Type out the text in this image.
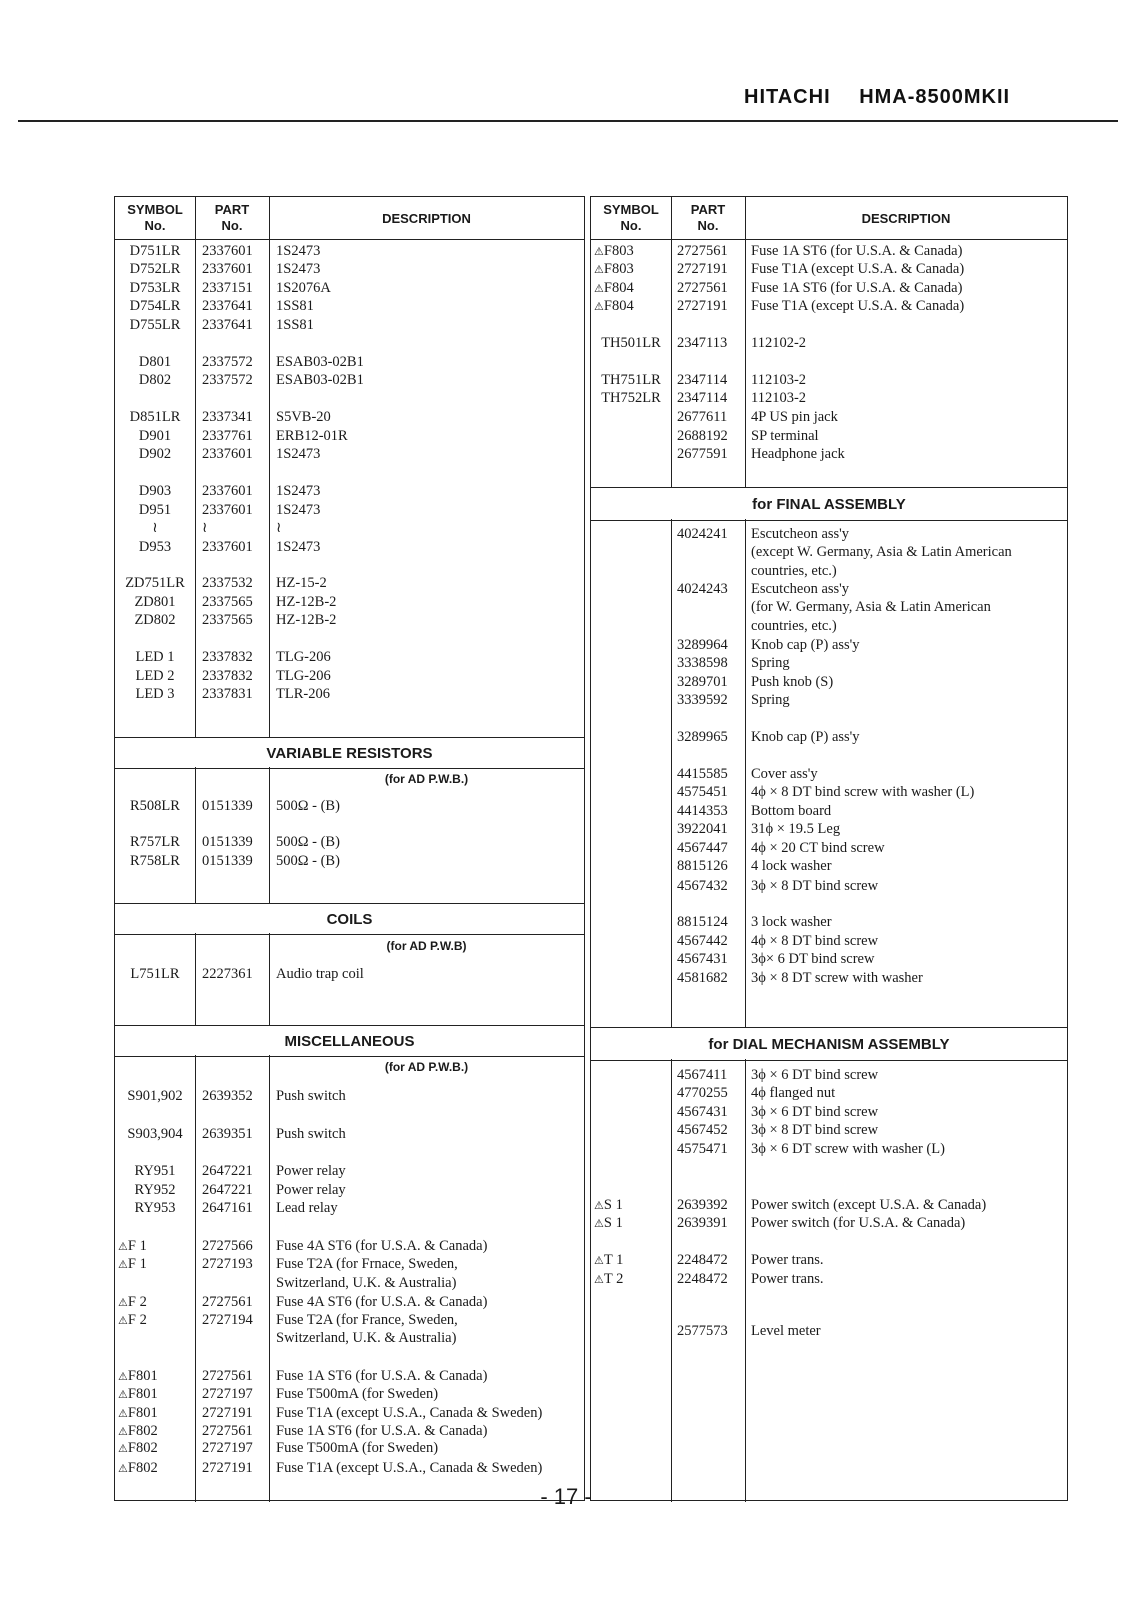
HITACHI HMA-8500MKII
SYMBOL
No.
PART
No.	DESCRIPTION
D751LR	2337601 1S2473
D752LR	2337601 1S2473
D753LR	2337151 1S2076A
D754LR	2337641 1SS81
D755LR	2337641 1SS81
D801	2337572 ESAB03-02B1
D802	2337572 ESAB03-02B1
D851LR	2337341 S5VB-20
D901	2337761 ERB12-01R
D902	2337601 1S2473
D903	2337601 1S2473
D951	2337601 1S2473
≀	≀	≀
D953	2337601 1S2473
ZD751LR	2337532 HZ-15-2
ZD801	2337565 HZ-12B-2
ZD802	2337565 HZ-12B-2
LED 1	2337832 TLG-206
LED 2	2337832 TLG-206
LED 3	2337831 TLR-206
VARIABLE RESISTORS
(for AD P.W.B.)
R508LR	0151339 500Ω - (B)
R757LR	0151339 500Ω - (B)
R758LR	0151339 500Ω - (B)
COILS
(for AD P.W.B)
L751LR	2227361 Audio trap coil
MISCELLANEOUS
(for AD P.W.B.)
S901,902	2639352 Push switch
S903,904	2639351 Push switch
RY951	2647221 Power relay
RY952	2647221 Power relay
RY953	2647161 Lead relay
⚠F 1	2727566 Fuse 4A ST6 (for U.S.A. & Canada)
⚠F 1	2727193 Fuse T2A (for Frnace, Sweden,
Switzerland, U.K. & Australia)
⚠F 2	2727561 Fuse 4A ST6 (for U.S.A. & Canada)
⚠F 2	2727194 Fuse T2A (for France, Sweden,
Switzerland, U.K. & Australia)
⚠F801	2727561 Fuse 1A ST6 (for U.S.A. & Canada)
⚠F801	2727197 Fuse T500mA (for Sweden)
⚠F801	2727191 Fuse T1A (except U.S.A., Canada & Sweden)
⚠F802	2727561 Fuse 1A ST6 (for U.S.A. & Canada)
⚠F802	2727197 Fuse T500mA (for Sweden)
⚠F802	2727191 Fuse T1A (except U.S.A., Canada & Sweden)
SYMBOL
No.
PART
No.	DESCRIPTION
⚠F803	2727561 Fuse 1A ST6 (for U.S.A. & Canada)
⚠F803	2727191 Fuse T1A (except U.S.A. & Canada)
⚠F804	2727561 Fuse 1A ST6 (for U.S.A. & Canada)
⚠F804	2727191 Fuse T1A (except U.S.A. & Canada)
TH501LR	2347113 112102-2
TH751LR	2347114 112103-2
TH752LR	2347114 112103-2
2677611 4P US pin jack
2688192 SP terminal
2677591 Headphone jack
for FINAL ASSEMBLY
4024241 Escutcheon ass'y
(except W. Germany, Asia & Latin American
countries, etc.)
4024243 Escutcheon ass'y
(for W. Germany, Asia & Latin American
countries, etc.)
3289964 Knob cap (P) ass'y
3338598 Spring
3289701 Push knob (S)
3339592 Spring
3289965 Knob cap (P) ass'y
4415585 Cover ass'y
4575451 4ϕ × 8 DT bind screw with washer (L)
4414353 Bottom board
3922041 31ϕ × 19.5 Leg
4567447 4ϕ × 20 CT bind screw
8815126 4 lock washer
4567432 3ϕ × 8 DT bind screw
8815124 3 lock washer
4567442 4ϕ × 8 DT bind screw
4567431 3ϕ× 6 DT bind screw
4581682 3ϕ × 8 DT screw with washer
for DIAL MECHANISM ASSEMBLY
4567411 3ϕ × 6 DT bind screw
4770255 4ϕ flanged nut
4567431 3ϕ × 6 DT bind screw
4567452 3ϕ × 8 DT bind screw
4575471 3ϕ × 6 DT screw with washer (L)
⚠S 1	2639392 Power switch (except U.S.A. & Canada)
⚠S 1	2639391 Power switch (for U.S.A. & Canada)
⚠T 1	2248472 Power trans.
⚠T 2	2248472 Power trans.
2577573 Level meter
- 17 -
